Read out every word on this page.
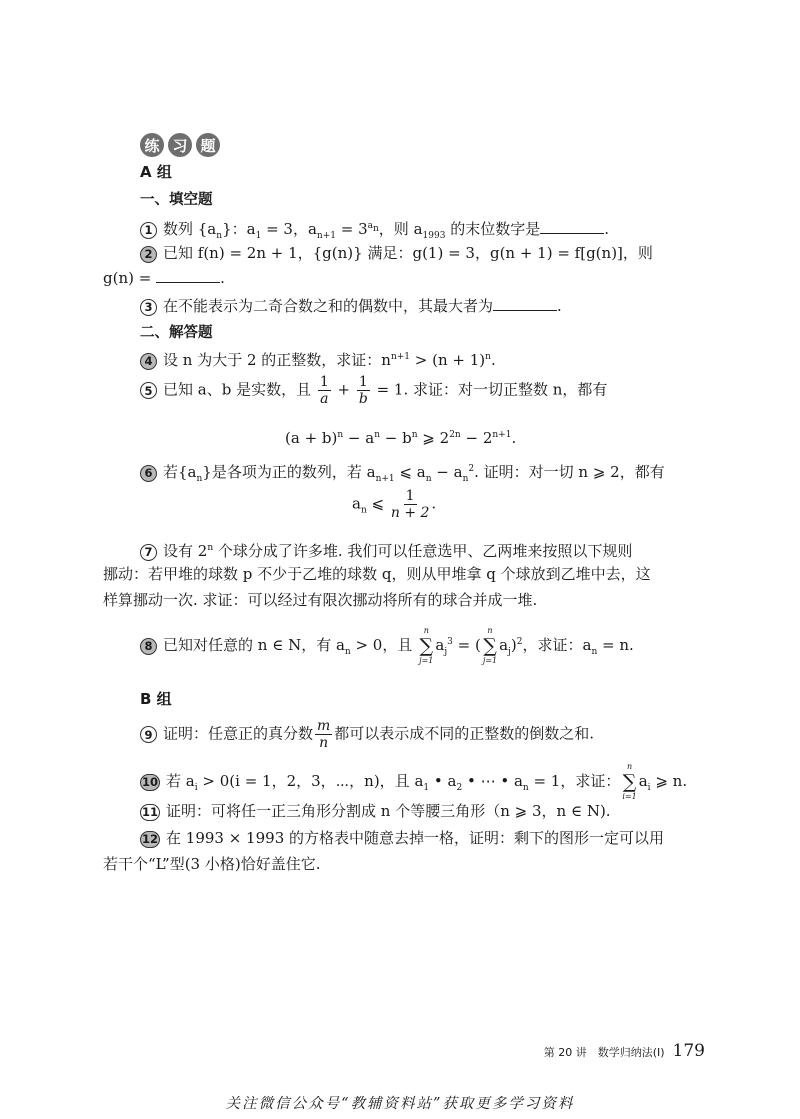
练 习 题
A 组
一、填空题
1 数列 $\{a_n\}$：$a_1 = 3$，$a_{n+1} = 3^{a_n}$，则 $a_{1993}$ 的末位数字是	.
2 已知 f(n) = 2n + 1，{g(n)} 满足：g(1) = 3，g(n + 1) = f[g(n)]，则
g(n) =	.
3 在不能表示为二奇合数之和的偶数中，其最大者为	.
二、解答题
4 设 n 为大于 2 的正整数，求证：$n^{n+1} > (n + 1)^n$.
5 已知 a、b 是实数，且 $\frac{1}{a} + \frac{1}{b} = 1$. 求证：对一切正整数 n，都有
$(a + b)^n - a^n - b^n$ ⩾ $2^{2n} - 2^{n+1}$.
6 若$\{a_n\}$是各项为正的数列，若 $a_{n+1}$ ⩽ $a_n - a_n^2$. 证明：对一切 n ⩾ 2，都有
$a_n$ ⩽ $\frac{1}{n + 2}$ .
7 设有 2$^n$ 个球分成了许多堆. 我们可以任意选甲、乙两堆来按照以下规则
挪动：若甲堆的球数 p 不少于乙堆的球数 q，则从甲堆拿 q 个球放到乙堆中去，这
样算挪动一次. 求证：可以经过有限次挪动将所有的球合并成一堆.
8 已知对任意的 n ∈ N，有 $a_n > 0$，且
n
∑
j=1
$a_j^3$ = (
n
∑
j=1
$a_j)^2$，求证：$a_n = n$.
B 组
9 证明：任意正的真分数 $\frac{m}{n}$ 都可以表示成不同的正整数的倒数之和.
10 若 $a_i > 0(i = 1$，2，3，⋯，n)，且 $a_1$ • $a_2$ • ⋯ • $a_n = 1$，求证：
n
∑
i=1
$a_i$ ⩾ n.
11 证明：可将任一正三角形分割成 n 个等腰三角形（n ⩾ 3，n ∈ N).
12 在 1993 × 1993 的方格表中随意去掉一格，证明：剩下的图形一定可以用
若干个“L”型(3 小格)恰好盖住它.
第 20 讲　数学归纳法(Ⅰ) 179
关注微信公众号“教辅资料站”获取更多学习资料
